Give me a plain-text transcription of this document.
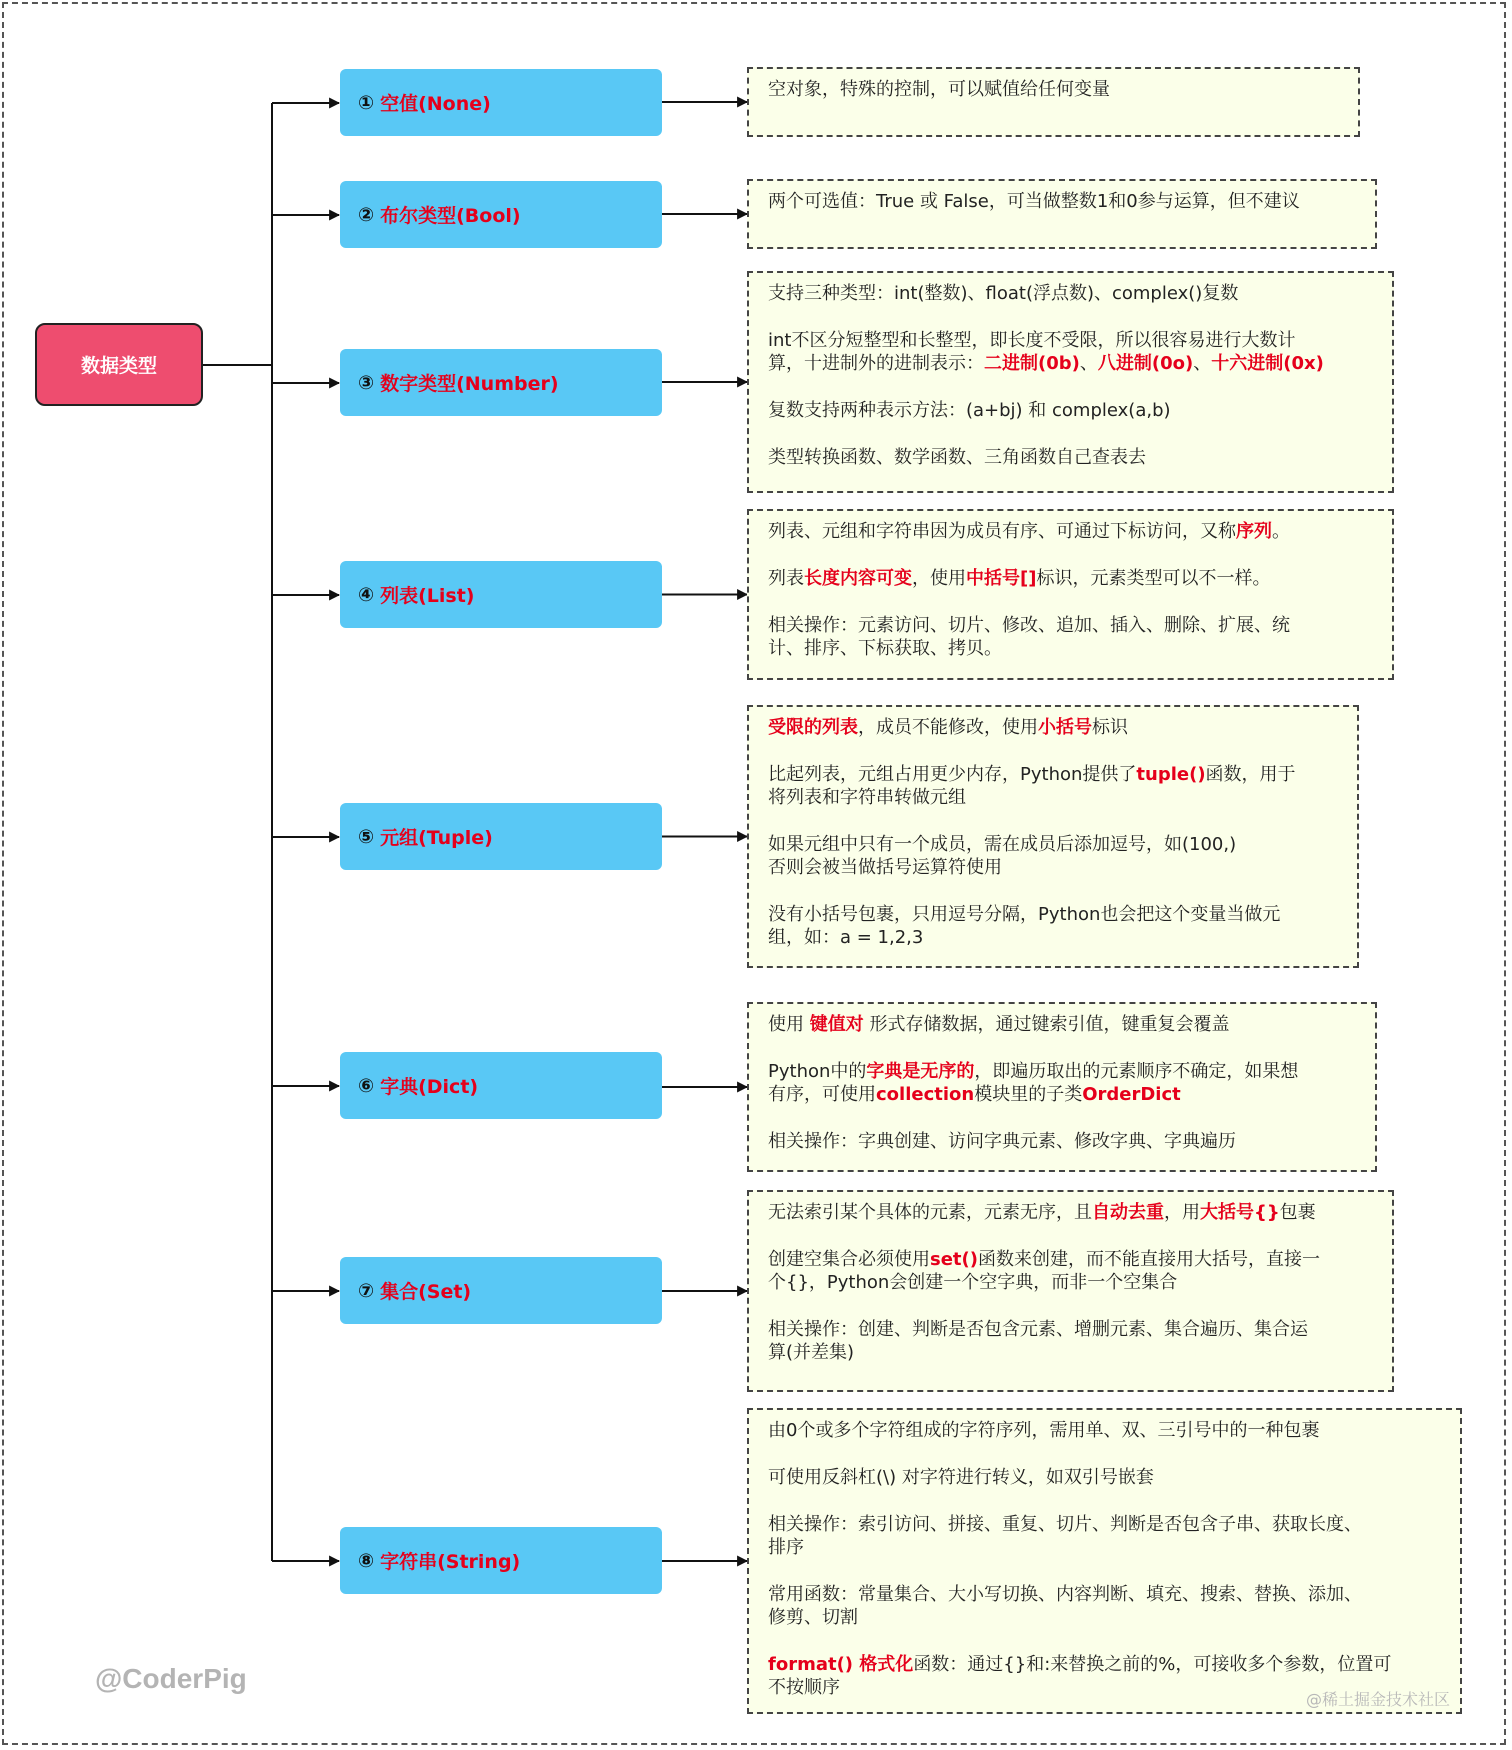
数据类型
① 空值(None)
② 布尔类型(Bool)
③ 数字类型(Number)
④ 列表(List)
⑤ 元组(Tuple)
⑥ 字典(Dict)
⑦ 集合(Set)
⑧ 字符串(String)
空对象，特殊的控制，可以赋值给任何变量
两个可选值：True 或 False，可当做整数1和0参与运算，但不建议
支持三种类型：int(整数)、float(浮点数)、complex()复数
int不区分短整型和长整型，即长度不受限，所以很容易进行大数计
算，十进制外的进制表示：二进制(0b)、八进制(0o)、十六进制(0x)
复数支持两种表示方法：(a+bj) 和 complex(a,b)
类型转换函数、数学函数、三角函数自己查表去
列表、元组和字符串因为成员有序、可通过下标访问，又称序列。
列表长度内容可变，使用中括号[]标识，元素类型可以不一样。
相关操作：元素访问、切片、修改、追加、插入、删除、扩展、统
计、排序、下标获取、拷贝。
受限的列表，成员不能修改，使用小括号标识
比起列表，元组占用更少内存，Python提供了tuple()函数，用于
将列表和字符串转做元组
如果元组中只有一个成员，需在成员后添加逗号，如(100,)
否则会被当做括号运算符使用
没有小括号包裹，只用逗号分隔，Python也会把这个变量当做元
组，如：a = 1,2,3
使用 键值对 形式存储数据，通过键索引值，键重复会覆盖
Python中的字典是无序的，即遍历取出的元素顺序不确定，如果想
有序，可使用collection模块里的子类OrderDict
相关操作：字典创建、访问字典元素、修改字典、字典遍历
无法索引某个具体的元素，元素无序，且自动去重，用大括号{}包裹
创建空集合必须使用set()函数来创建，而不能直接用大括号，直接一
个{}，Python会创建一个空字典，而非一个空集合
相关操作：创建、判断是否包含元素、增删元素、集合遍历、集合运
算(并差集)
由0个或多个字符组成的字符序列，需用单、双、三引号中的一种包裹
可使用反斜杠(\) 对字符进行转义，如双引号嵌套
相关操作：索引访问、拼接、重复、切片、判断是否包含子串、获取长度、
排序
常用函数：常量集合、大小写切换、内容判断、填充、搜索、替换、添加、
修剪、切割
format() 格式化函数：通过{}和:来替换之前的%，可接收多个参数，位置可
不按顺序
@CoderPig
@稀土掘金技术社区
